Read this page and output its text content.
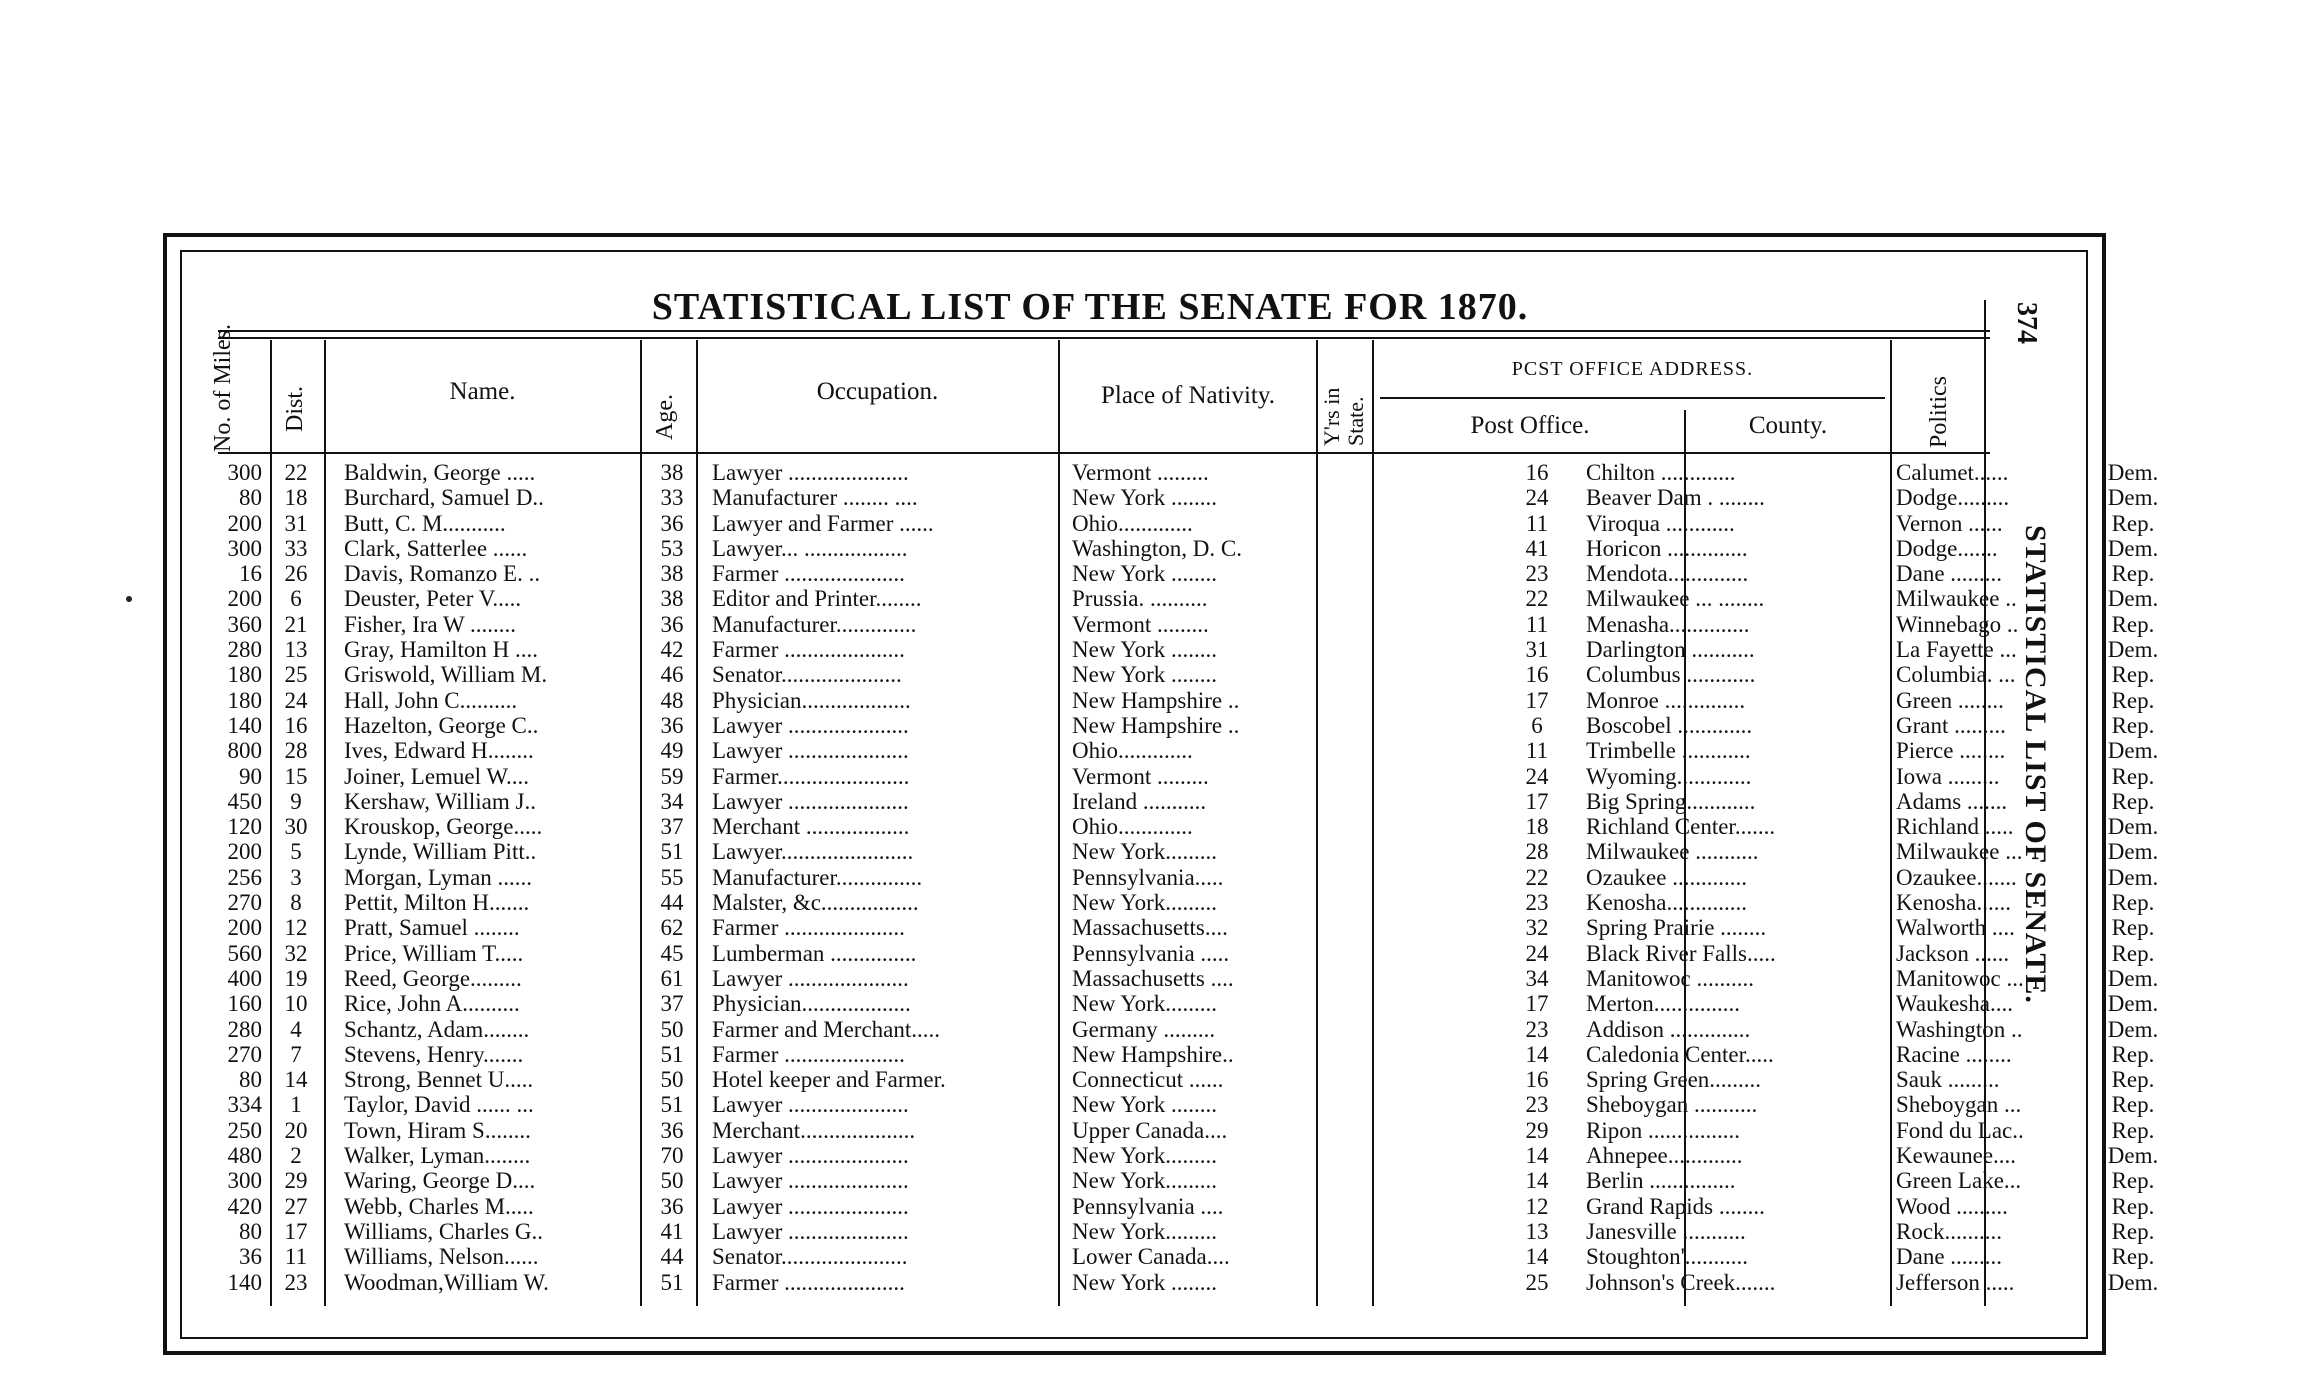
STATISTICAL LIST OF THE SENATE FOR 1870.	374
STATISTICAL LIST OF SENATE.
No. of Miles. Dist.	Name.
Age.
Occupation.	Place of Nativity.	Y'rs in State.
PCST OFFICE ADDRESS.
Post Office.	County.	Politics
300 22	Baldwin, George .....	38	Lawyer .....................	Vermont .........	16	Chilton .............	Calumet......	Dem.
80 18	Burchard, Samuel D..	33	Manufacturer ........ ....	New York ........	24	Beaver Dam . ........	Dodge.........	Dem.
200 31	Butt, C. M...........	36	Lawyer and Farmer ......	Ohio.............	11	Viroqua ............	Vernon ......	Rep.
300 33	Clark, Satterlee ......	53	Lawyer... ..................	Washington, D. C.	41	Horicon ..............	Dodge.......	Dem.
16 26	Davis, Romanzo E. ..	38	Farmer .....................	New York ........	23	Mendota..............	Dane .........	Rep.
200	6	Deuster, Peter V.....	38	Editor and Printer........	Prussia. ..........	22	Milwaukee ... ........	Milwaukee ..	Dem.
360 21	Fisher, Ira W ........	36	Manufacturer..............	Vermont .........	11	Menasha..............	Winnebago ..	Rep.
280 13	Gray, Hamilton H ....	42	Farmer .....................	New York ........	31	Darlington ...........	La Fayette ...	Dem.
180 25	Griswold, William M.	46	Senator.....................	New York ........	16	Columbus ............	Columbia. ...	Rep.
180 24	Hall, John C..........	48	Physician...................	New Hampshire ..	17	Monroe ..............	Green ........	Rep.
140 16	Hazelton, George C..	36	Lawyer .....................	New Hampshire ..	6	Boscobel .............	Grant .........	Rep.
800 28	Ives, Edward H........	49	Lawyer .....................	Ohio.............	11	Trimbelle ............	Pierce ........	Dem.
90 15	Joiner, Lemuel W....	59	Farmer.......................	Vermont .........	24	Wyoming.............	Iowa .........	Rep.
450	9	Kershaw, William J..	34	Lawyer .....................	Ireland ...........	17	Big Spring............	Adams .......	Rep.
120 30	Krouskop, George.....	37	Merchant ..................	Ohio.............	18	Richland Center.......	Richland .....	Dem.
200	5	Lynde, William Pitt..	51	Lawyer.......................	New York.........	28	Milwaukee ...........	Milwaukee ...	Dem.
256	3	Morgan, Lyman ......	55	Manufacturer...............	Pennsylvania.....	22	Ozaukee .............	Ozaukee.......	Dem.
270	8	Pettit, Milton H.......	44	Malster, &c.................	New York.........	23	Kenosha..............	Kenosha......	Rep.
200 12	Pratt, Samuel ........	62	Farmer .....................	Massachusetts....	32	Spring Prairie ........	Walworth ....	Rep.
560 32	Price, William T.....	45	Lumberman ...............	Pennsylvania .....	24	Black River Falls.....	Jackson ......	Rep.
400 19	Reed, George.........	61	Lawyer .....................	Massachusetts ....	34	Manitowoc ..........	Manitowoc ...	Dem.
160 10	Rice, John A..........	37	Physician...................	New York.........	17	Merton...............	Waukesha....	Dem.
280	4	Schantz, Adam........	50	Farmer and Merchant.....	Germany .........	23	Addison ..............	Washington ..	Dem.
270	7	Stevens, Henry.......	51	Farmer .....................	New Hampshire..	14	Caledonia Center.....	Racine ........	Rep.
80 14	Strong, Bennet U.....	50	Hotel keeper and Farmer.	Connecticut ......	16	Spring Green.........	Sauk .........	Rep.
334	1	Taylor, David ...... ...	51	Lawyer .....................	New York ........	23	Sheboygan ...........	Sheboygan ...	Rep.
250 20	Town, Hiram S........	36	Merchant....................	Upper Canada....	29	Ripon ................	Fond du Lac..	Rep.
480	2	Walker, Lyman........	70	Lawyer .....................	New York.........	14	Ahnepee.............	Kewaunee....	Dem.
300 29	Waring, George D....	50	Lawyer .....................	New York.........	14	Berlin ...............	Green Lake...	Rep.
420 27	Webb, Charles M.....	36	Lawyer .....................	Pennsylvania ....	12	Grand Rapids ........	Wood .........	Rep.
80 17	Williams, Charles G..	41	Lawyer .....................	New York.........	13	Janesville ...........	Rock..........	Rep.
36 11	Williams, Nelson......	44	Senator......................	Lower Canada....	14	Stoughton'...........	Dane .........	Rep.
140 23	Woodman,William W.	51	Farmer .....................	New York ........	25	Johnson's Creek.......	Jefferson .....	Dem.
